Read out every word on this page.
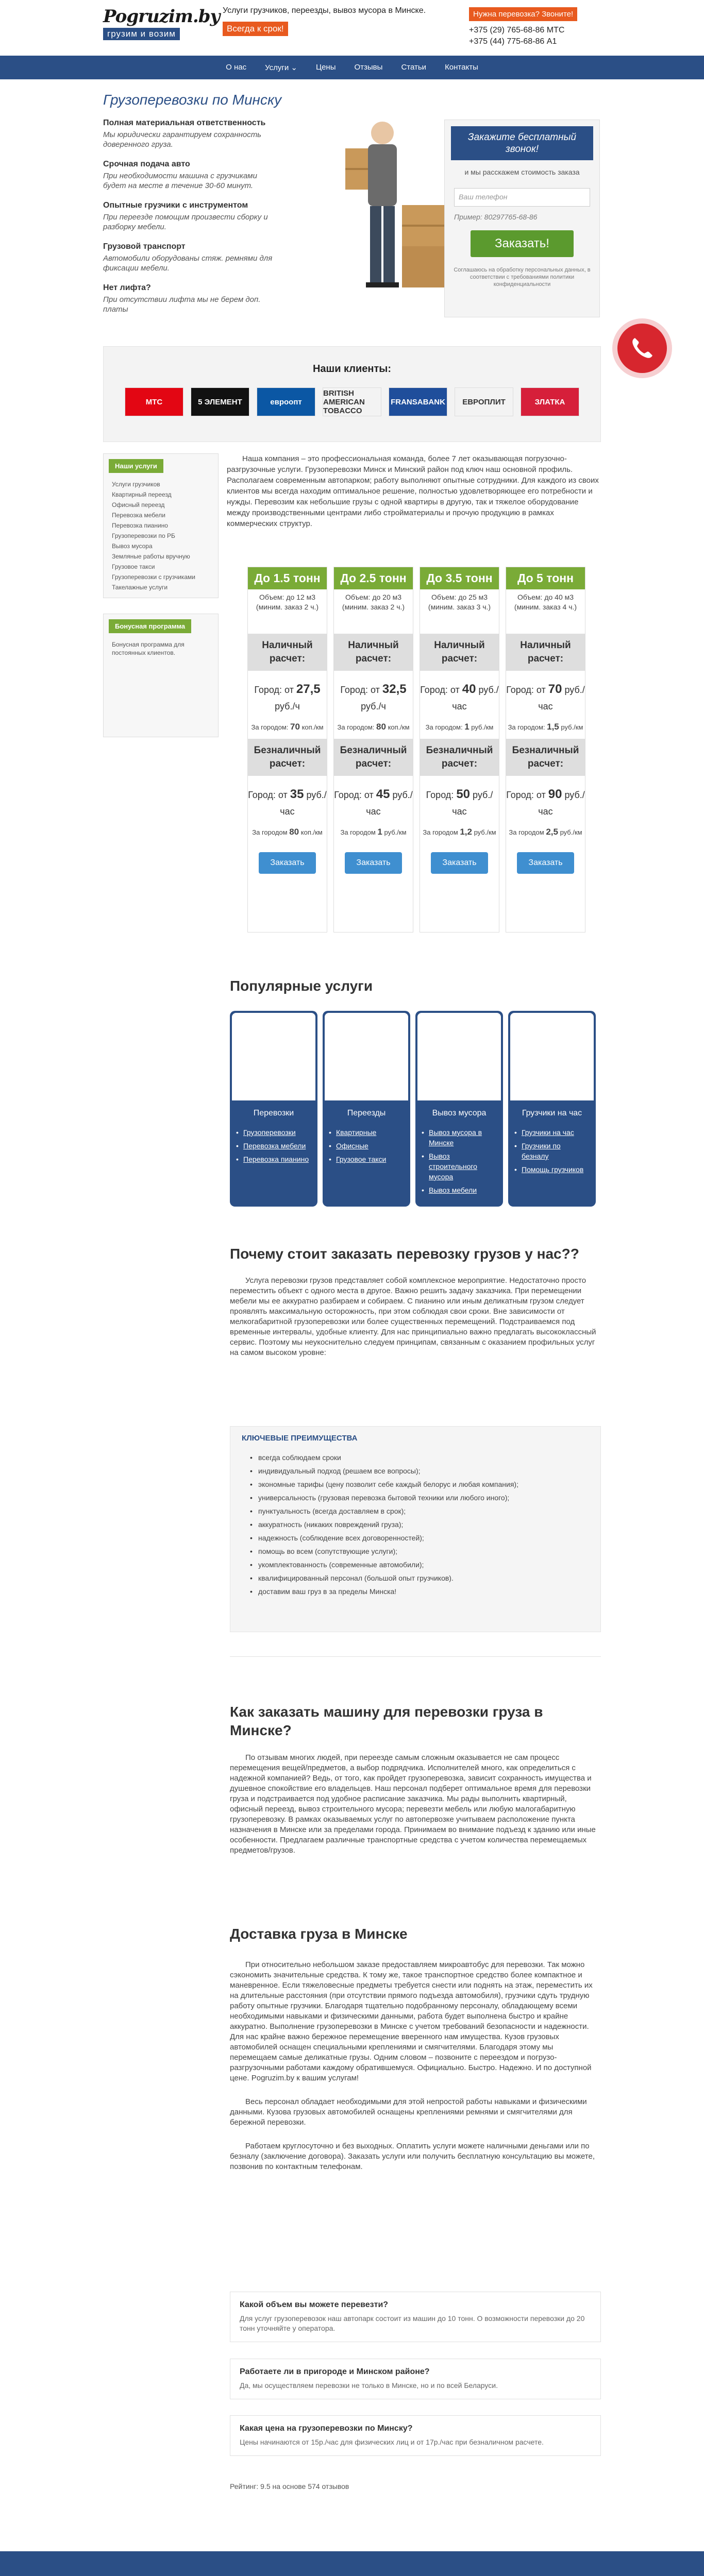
Pogruzim.by
грузим и возим
Услуги грузчиков, переезды, вывоз мусора в Минске.
Всегда к срок!
Нужна перевозка? Звоните!
+375 (29) 765-68-86 МТС
+375 (44) 775-68-86 А1
О нас Услуги ⌄ Цены Отзывы Статьи Контакты
Грузоперевозки по Минску
Полная материальная ответственность

Мы юридически гарантируем сохранность доверенного груза.

Срочная подача авто

При необходимости машина с грузчиками будет на месте в течение 30-60 минут.

Опытные грузчики с инструментом

При переезде помощим произвести сборку и разборку мебели.

Грузовой транспорт

Автомобили оборудованы стяж. ремнями для фиксации мебели.

Нет лифта?

При отсутствии лифта мы не берем доп. платы

Закажите бесплатный звонок!
и мы расскажем стоимость заказа
Ваш телефон
Пример: 80297765-68-86
Заказать!
Соглашаюсь на обработку персональных данных, в соответствии с требованиями политики конфиденциальности
Наши клиенты:
МТС	5 ЭЛЕМЕНТ	евроопт
BRITISH AMERICAN TOBACCO
FRANSABANK	ЕВРОПЛИТ	ЗЛАТКА
Наши услуги
Услуги грузчиков
Квартирный переезд
Офисный переезд
Перевозка мебели
Перевозка пианино
Грузоперевозки по РБ
Вывоз мусора
Земляные работы вручную
Грузовое такси
Грузоперевозки с грузчиками
Такелажные услуги
Бонусная программа
Бонусная программа для постоянных клиентов.
Наша компания – это профессиональная команда, более 7 лет оказывающая погрузочно-разгрузочные услуги. Грузоперевозки Минск и Минский район под ключ наш основной профиль. Располагаем современным автопарком; работу выполняют опытные сотрудники. Для каждого из своих клиентов мы всегда находим оптимальное решение, полностью удовлетворяющее его потребности и нужды. Перевозим как небольшие грузы с одной квартиры в другую, так и тяжелое оборудование между производственными центрами либо стройматериалы и прочую продукцию в рамках коммерческих структур.
До 1.5 тонн
Объем: до 12 м3 (миним. заказ 2 ч.)
Наличный расчет:
Город: от 27,5 руб./ч
За городом: 70 коп./км
Безналичный расчет:
Город: от 35 руб./час
За городом 80 коп./км
Заказать
До 2.5 тонн
Объем: до 20 м3 (миним. заказ 2 ч.)
Наличный расчет:
Город: от 32,5 руб./ч
За городом: 80 коп./км
Безналичный расчет:
Город: от 45 руб./час
За городом 1 руб./км
Заказать
До 3.5 тонн
Объем: до 25 м3 (миним. заказ 3 ч.)
Наличный расчет:
Город: от 40 руб./час
За городом: 1 руб./км
Безналичный расчет:
Город: 50 руб./час
За городом 1,2 руб./км
Заказать
До 5 тонн
Объем: до 40 м3 (миним. заказ 4 ч.)
Наличный расчет:
Город: от 70 руб./час
За городом: 1,5 руб./км
Безналичный расчет:
Город: от 90 руб./час
За городом 2,5 руб./км
Заказать
Популярные услуги
Перевозки
• Грузоперевозки
• Перевозка мебели
• Перевозка пианино
Переезды
• Квартирные
• Офисные
• Грузовое такси
Вывоз мусора
• Вывоз мусора в Минске
• Вывоз строительного мусора
• Вывоз мебели
Грузчики на час
• Грузчики на час
• Грузчики по безналу
• Помощь грузчиков
Почему стоит заказать перевозку грузов у нас??
Услуга перевозки грузов представляет собой комплексное мероприятие. Недостаточно просто переместить объект с одного места в другое. Важно решить задачу заказчика. При перемещении мебели мы ее аккуратно разбираем и собираем. С пианино или иным деликатным грузом следует проявлять максимальную осторожность, при этом соблюдая свои сроки. Вне зависимости от мелкогабаритной грузоперевозки или более существенных перемещений. Подстраиваемся под временные интервалы, удобные клиенту. Для нас принципиально важно предлагать высококлассный сервис. Поэтому мы неукоснительно следуем принципам, связанным с оказанием профильных услуг на самом высоком уровне:
КЛЮЧЕВЫЕ ПРЕИМУЩЕСТВА
• всегда соблюдаем сроки
• индивидуальный подход (решаем все вопросы);
• экономные тарифы (цену позволит себе каждый белорус и любая компания);
• универсальность (грузовая перевозка бытовой техники или любого иного);
• пунктуальность (всегда доставляем в срок);
• аккуратность (никаких повреждений груза);
• надежность (соблюдение всех договоренностей);
• помощь во всем (сопутствующие услуги);
• укомплектованность (современные автомобили);
• квалифицированный персонал (большой опыт грузчиков).
• доставим ваш груз в за пределы Минска!
Как заказать машину для перевозки груза в Минске?
По отзывам многих людей, при переезде самым сложным оказывается не сам процесс перемещения вещей/предметов, а выбор подрядчика. Исполнителей много, как определиться с надежной компанией? Ведь, от того, как пройдет грузоперевозка, зависит сохранность имущества и душевное спокойствие его владельцев. Наш персонал подберет оптимальное время для перевозки груза и подстраивается под удобное расписание заказчика. Мы рады выполнить квартирный, офисный переезд, вывоз строительного мусора; перевезти мебель или любую малогабаритную грузоперевозку. В рамках оказываемых услуг по автопервозке учитываем расположение пункта назначения в Минске или за пределами города. Принимаем во внимание подъезд к зданию или иные особенности. Предлагаем различные транспортные средства с учетом количества перемещаемых предметов/грузов.
Доставка груза в Минске

При относительно небольшом заказе предоставляем микроавтобус для перевозки. Так можно сэкономить значительные средства. К тому же, такое транспортное средство более компактное и маневренное. Если тяжеловесные предметы требуется снести или поднять на этаж, переместить их на длительные расстояния (при отсутствии прямого подъезда автомобиля), грузчики сдуть трудную работу опытные грузчики. Благодаря тщательно подобранному персоналу, обладающему всеми необходимыми навыками и физическими данными, работа будет выполнена быстро и крайне аккуратно. Выполнение грузоперевозки в Минске с учетом требований безопасности и надежности. Для нас крайне важно бережное перемещение вверенного нам имущества. Кузов грузовых автомобилей оснащен специальными креплениями и смягчителями. Благодаря этому мы перемещаем самые деликатные грузы. Одним словом – позвоните с переездом и погрузо-разгрузочными работами каждому обратившемуся. Официально. Быстро. Надежно. И по доступной цене. Pogruzim.by к вашим услугам!

Весь персонал обладает необходимыми для этой непростой работы навыками и физическими данными. Кузова грузовых автомобилей оснащены креплениями ремнями и смягчителями для бережной перевозки.

Работаем круглосуточно и без выходных. Оплатить услуги можете наличными деньгами или по безналу (заключение договора). Заказать услуги или получить бесплатную консультацию вы можете, позвонив по контактным телефонам.

Какой объем вы можете перевезти?

Для услуг грузоперевозок наш автопарк состоит из машин до 10 тонн. О возможности перевозки до 20 тонн уточняйте у оператора.

Работаете ли в пригороде и Минском районе?

Да, мы осуществляем перевозки не только в Минске, но и по всей Беларуси.

Какая цена на грузоперевозки по Минску?

Цены начинаются от 15р./час для физических лиц и от 17р./час при безналичном расчете.

Рейтинг: 9.5 на основе 574 отзывов
